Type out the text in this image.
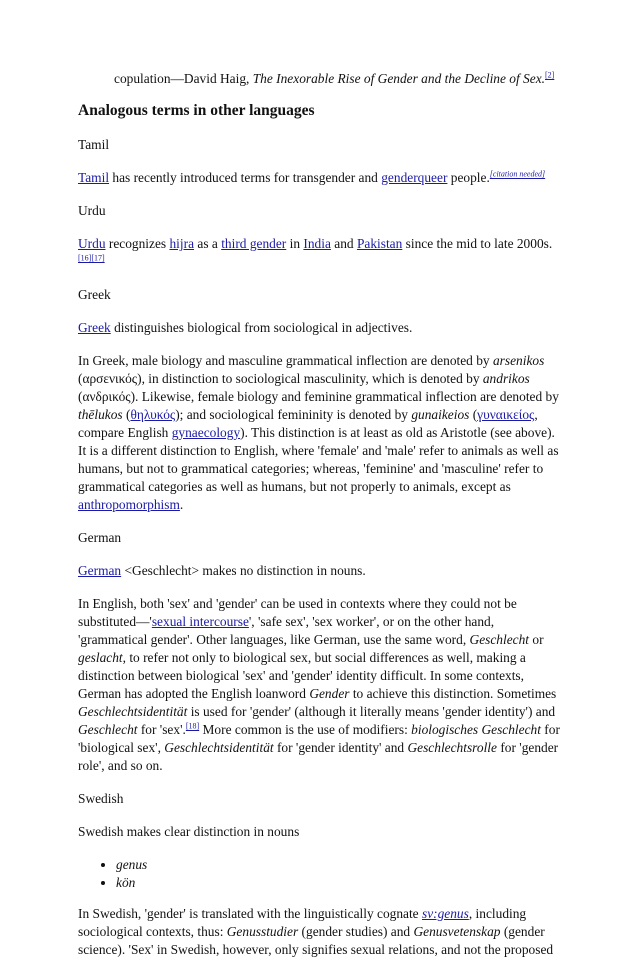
copulation—David Haig, The Inexorable Rise of Gender and the Decline of Sex.[2]

Analogous terms in other languages

Tamil

Tamil has recently introduced terms for transgender and genderqueer people.[citation needed]

Urdu

Urdu recognizes hijra as a third gender in India and Pakistan since the mid to late 2000s.[16][17]

Greek

Greek distinguishes biological from sociological in adjectives.

In Greek, male biology and masculine grammatical inflection are denoted by arsenikos (αρσενικός), in distinction to sociological masculinity, which is denoted by andrikos (ανδρικός). Likewise, female biology and feminine grammatical inflection are denoted by thēlukos (θηλυκός); and sociological femininity is denoted by gunaikeios (γυναικείος, compare English gynaecology). This distinction is at least as old as Aristotle (see above). It is a different distinction to English, where 'female' and 'male' refer to animals as well as humans, but not to grammatical categories; whereas, 'feminine' and 'masculine' refer to grammatical categories as well as humans, but not properly to animals, except as anthropomorphism.

German

German <Geschlecht> makes no distinction in nouns.

In English, both 'sex' and 'gender' can be used in contexts where they could not be substituted—'sexual intercourse', 'safe sex', 'sex worker', or on the other hand, 'grammatical gender'. Other languages, like German, use the same word, Geschlecht or geslacht, to refer not only to biological sex, but social differences as well, making a distinction between biological 'sex' and 'gender' identity difficult. In some contexts, German has adopted the English loanword Gender to achieve this distinction. Sometimes Geschlechtsidentität is used for 'gender' (although it literally means 'gender identity') and Geschlecht for 'sex'.[18] More common is the use of modifiers: biologisches Geschlecht for 'biological sex', Geschlechtsidentität for 'gender identity' and Geschlechtsrolle for 'gender role', and so on.

Swedish

Swedish makes clear distinction in nouns

• genus
• kön

In Swedish, 'gender' is translated with the linguistically cognate sv:genus, including sociological contexts, thus: Genusstudier (gender studies) and Genusvetenskap (gender science). 'Sex' in Swedish, however, only signifies sexual relations, and not the proposed
